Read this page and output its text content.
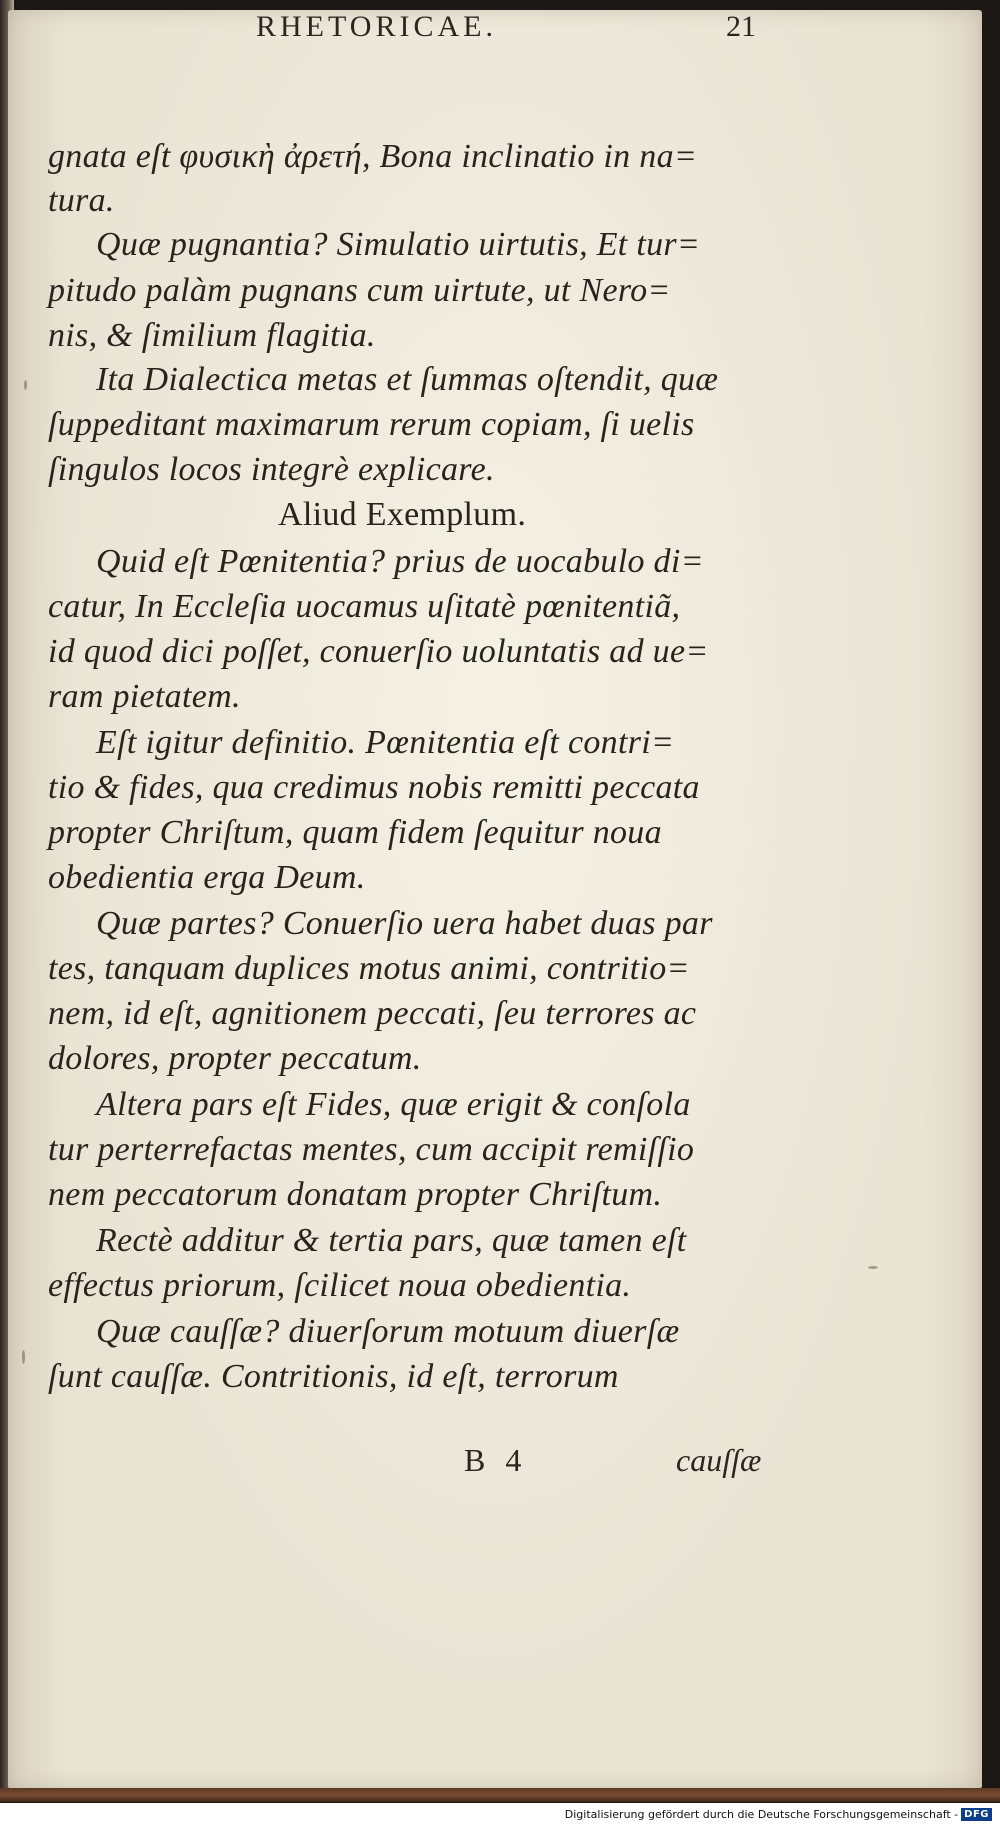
RHETORICAE.	21
gnata eſt φυσικὴ ἀρετή, Bona inclinatio in na=
tura.
Quæ pugnantia? Simulatio uirtutis, Et tur=
pitudo palàm pugnans cum uirtute, ut Nero=
nis, & ſimilium flagitia.
Ita Dialectica metas et ſummas oſtendit, quæ
ſuppeditant maximarum rerum copiam, ſi uelis
ſingulos locos integrè explicare.
Aliud Exemplum.
Quid eſt Pœnitentia? prius de uocabulo di=
catur, In Eccleſia uocamus uſitatè pœnitentiã,
id quod dici poſſet, conuerſio uoluntatis ad ue=
ram pietatem.
Eſt igitur definitio. Pœnitentia eſt contri=
tio & fides, qua credimus nobis remitti peccata
propter Chriſtum, quam fidem ſequitur noua
obedientia erga Deum.
Quæ partes? Conuerſio uera habet duas par
tes, tanquam duplices motus animi, contritio=
nem, id eſt, agnitionem peccati, ſeu terrores ac
dolores, propter peccatum.
Altera pars eſt Fides, quæ erigit & conſola
tur perterrefactas mentes, cum accipit remiſſio
nem peccatorum donatam propter Chriſtum.
Rectè additur & tertia pars, quæ tamen eſt
effectus priorum, ſcilicet noua obedientia.
Quæ cauſſæ? diuerſorum motuum diuerſæ
ſunt cauſſæ. Contritionis, id eſt, terrorum
B 4	cauſſæ
Digitalisierung gefördert durch die Deutsche Forschungsgemeinschaft - DFG
